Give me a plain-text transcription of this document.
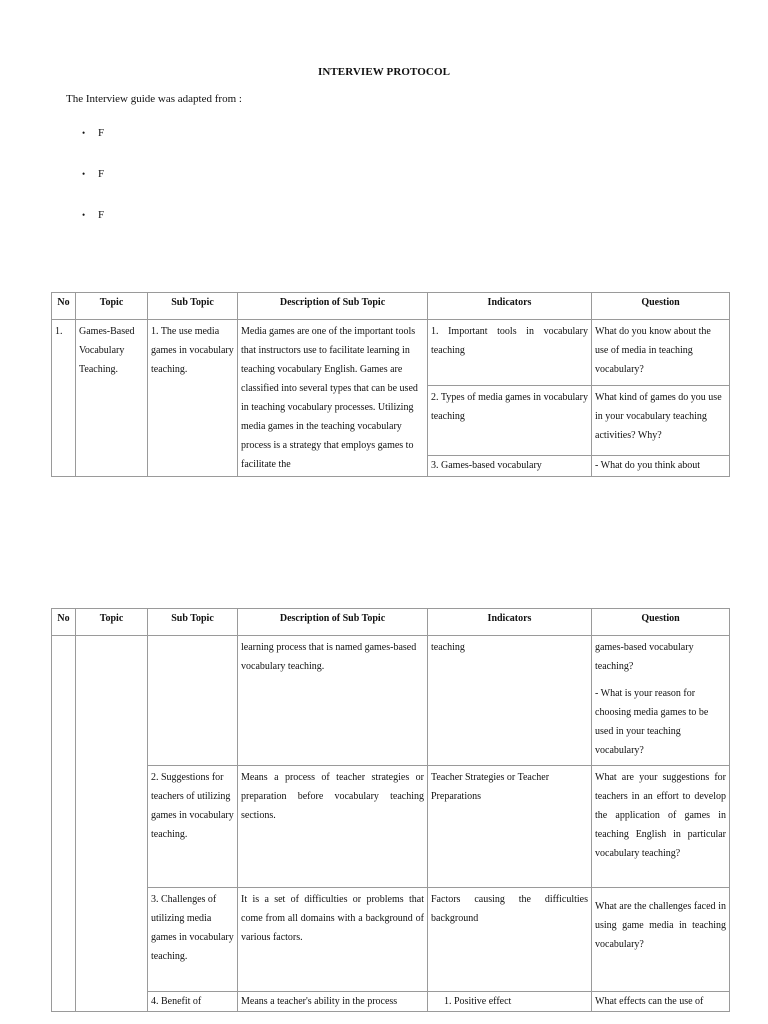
INTERVIEW PROTOCOL
The Interview guide was adapted from :
•	F
•	F
•	F
No	Topic	Sub Topic	Description of Sub Topic	Indicators	Question
1.	Games-Based Vocabulary Teaching.	1. The use media games in vocabulary teaching.	Media games are one of the important tools that instructors use to facilitate learning in teaching vocabulary English. Games are classified into several types that can be used in teaching vocabulary processes. Utilizing media games in the teaching vocabulary process is a strategy that employs games to facilitate the	1. Important tools in vocabulary teaching	What do you know about the use of media in teaching vocabulary?
				2. Types of media games in vocabulary teaching	What kind of games do you use in your vocabulary teaching activities? Why?
				3. Games-based vocabulary	- What do you think about
No	Topic	Sub Topic	Description of Sub Topic	Indicators	Question
			learning process that is named games-based vocabulary teaching.	teaching	games-based vocabulary teaching?
- What is your reason for choosing media games to be used in your teaching vocabulary?
		2. Suggestions for teachers of utilizing games in vocabulary teaching.	Means a process of teacher strategies or preparation before vocabulary teaching sections.	Teacher Strategies or Teacher Preparations	What are your suggestions for teachers in an effort to develop the application of games in teaching English in particular vocabulary teaching?
		3. Challenges of utilizing media games in vocabulary teaching.	It is a set of difficulties or problems that come from all domains with a background of various factors.	Factors causing the difficulties background	What are the challenges faced in using game media in teaching vocabulary?
		4. Benefit of	Means a teacher's ability in the process	1. Positive effect	What effects can the use of
